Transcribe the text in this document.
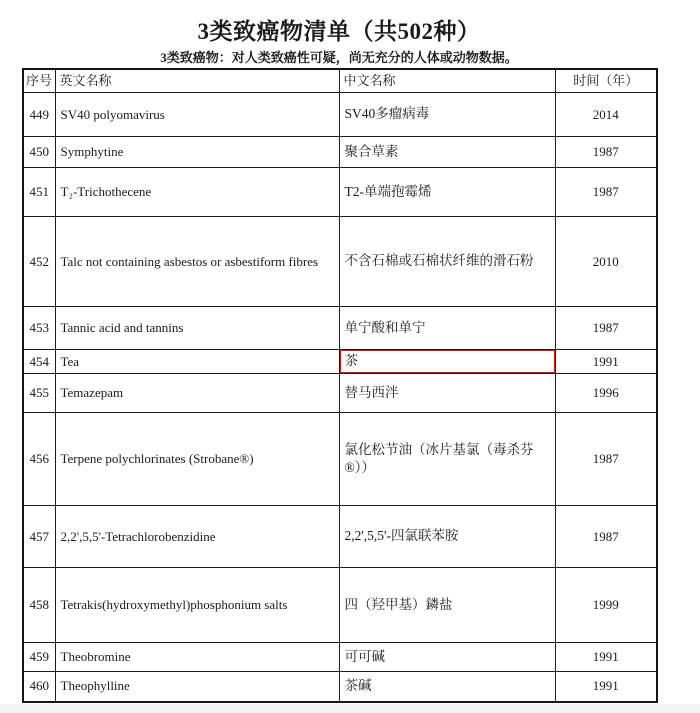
3类致癌物清单（共502种）
3类致癌物：对人类致癌性可疑，尚无充分的人体或动物数据。
序号	英文名称	中文名称	时间（年）
449	SV40 polyomavirus	SV40多瘤病毒	2014
450	Symphytine	聚合草素	1987
451	T₂-Trichothecene	T2-单端孢霉烯	1987
452	Talc not containing asbestos or asbestiform fibres	不含石棉或石棉状纤维的滑石粉	2010
453	Tannic acid and tannins	单宁酸和单宁	1987
454	Tea	茶	1991
455	Temazepam	替马西泮	1996
456	Terpene polychlorinates (Strobane®)	氯化松节油（冰片基氯（毒杀芬®））	1987
457	2,2',5,5'-Tetrachlorobenzidine	2,2',5,5'-四氯联苯胺	1987
458	Tetrakis(hydroxymethyl)phosphonium salts	四（羟甲基）鏻盐	1999
459	Theobromine	可可碱	1991
460	Theophylline	茶碱	1991
